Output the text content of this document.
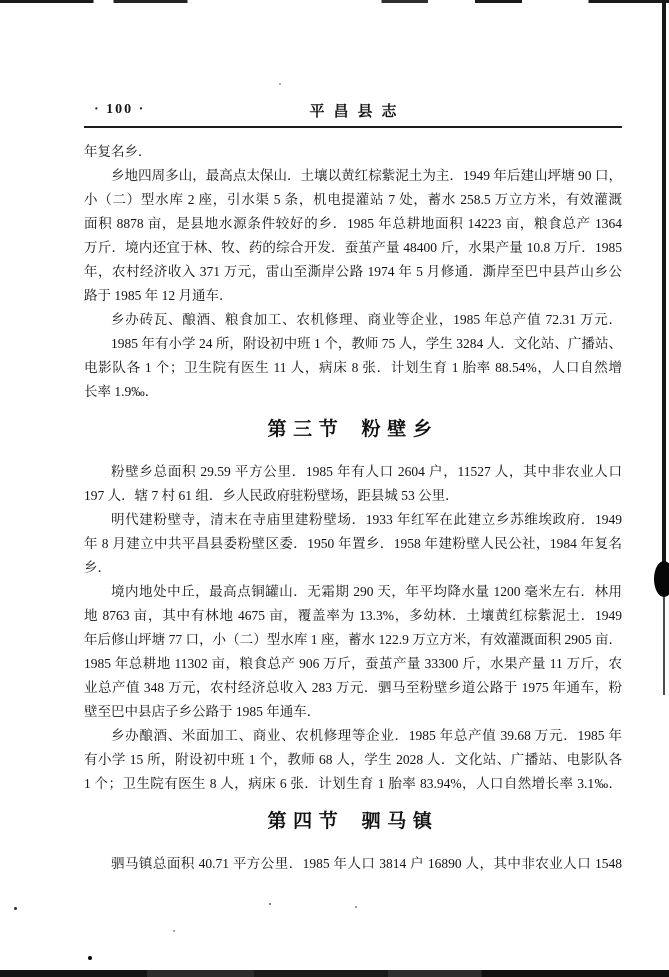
· 100 ·	平昌县志
年复名乡．
乡地四周多山，最高点太保山．土壤以黄红棕紫泥土为主．1949 年后建山坪塘 90 口，
小（二）型水库 2 座，引水渠 5 条，机电提灌站 7 处，蓄水 258.5 万立方米，有效灌溉
面积 8878 亩，是县地水源条件较好的乡．1985 年总耕地面积 14223 亩，粮食总产 1364
万斤．境内还宜于林、牧、药的综合开发．蚕茧产量 48400 斤，水果产量 10.8 万斤．1985
年，农村经济收入 371 万元，雷山至澌岸公路 1974 年 5 月修通．澌岸至巴中县芦山乡公
路于 1985 年 12 月通车．
乡办砖瓦、酿酒、粮食加工、农机修理、商业等企业，1985 年总产值 72.31 万元．
1985 年有小学 24 所，附设初中班 1 个，教师 75 人，学生 3284 人．文化站、广播站、
电影队各 1 个；卫生院有医生 11 人，病床 8 张．计划生育 1 胎率 88.54%，人口自然增
长率 1.9‰．
第三节 粉壁乡
粉壁乡总面积 29.59 平方公里．1985 年有人口 2604 户，11527 人，其中非农业人口
197 人．辖 7 村 61 组．乡人民政府驻粉壁场，距县城 53 公里．
明代建粉壁寺，清末在寺庙里建粉壁场．1933 年红军在此建立乡苏维埃政府．1949
年 8 月建立中共平昌县委粉壁区委．1950 年置乡．1958 年建粉壁人民公社，1984 年复名
乡．
境内地处中丘，最高点铜罐山．无霜期 290 天，年平均降水量 1200 毫米左右．林用
地 8763 亩，其中有林地 4675 亩，覆盖率为 13.3%，多幼林．土壤黄红棕紫泥土．1949
年后修山坪塘 77 口，小（二）型水库 1 座，蓄水 122.9 万立方米，有效灌溉面积 2905 亩．
1985 年总耕地 11302 亩，粮食总产 906 万斤，蚕茧产量 33300 斤，水果产量 11 万斤，农
业总产值 348 万元，农村经济总收入 283 万元．驷马至粉壁乡道公路于 1975 年通车，粉
壁至巴中县店子乡公路于 1985 年通车．
乡办酿酒、米面加工、商业、农机修理等企业．1985 年总产值 39.68 万元．1985 年
有小学 15 所，附设初中班 1 个，教师 68 人，学生 2028 人．文化站、广播站、电影队各
1 个；卫生院有医生 8 人，病床 6 张．计划生育 1 胎率 83.94%，人口自然增长率 3.1‰．
第四节 驷马镇
驷马镇总面积 40.71 平方公里．1985 年人口 3814 户 16890 人，其中非农业人口 1548
